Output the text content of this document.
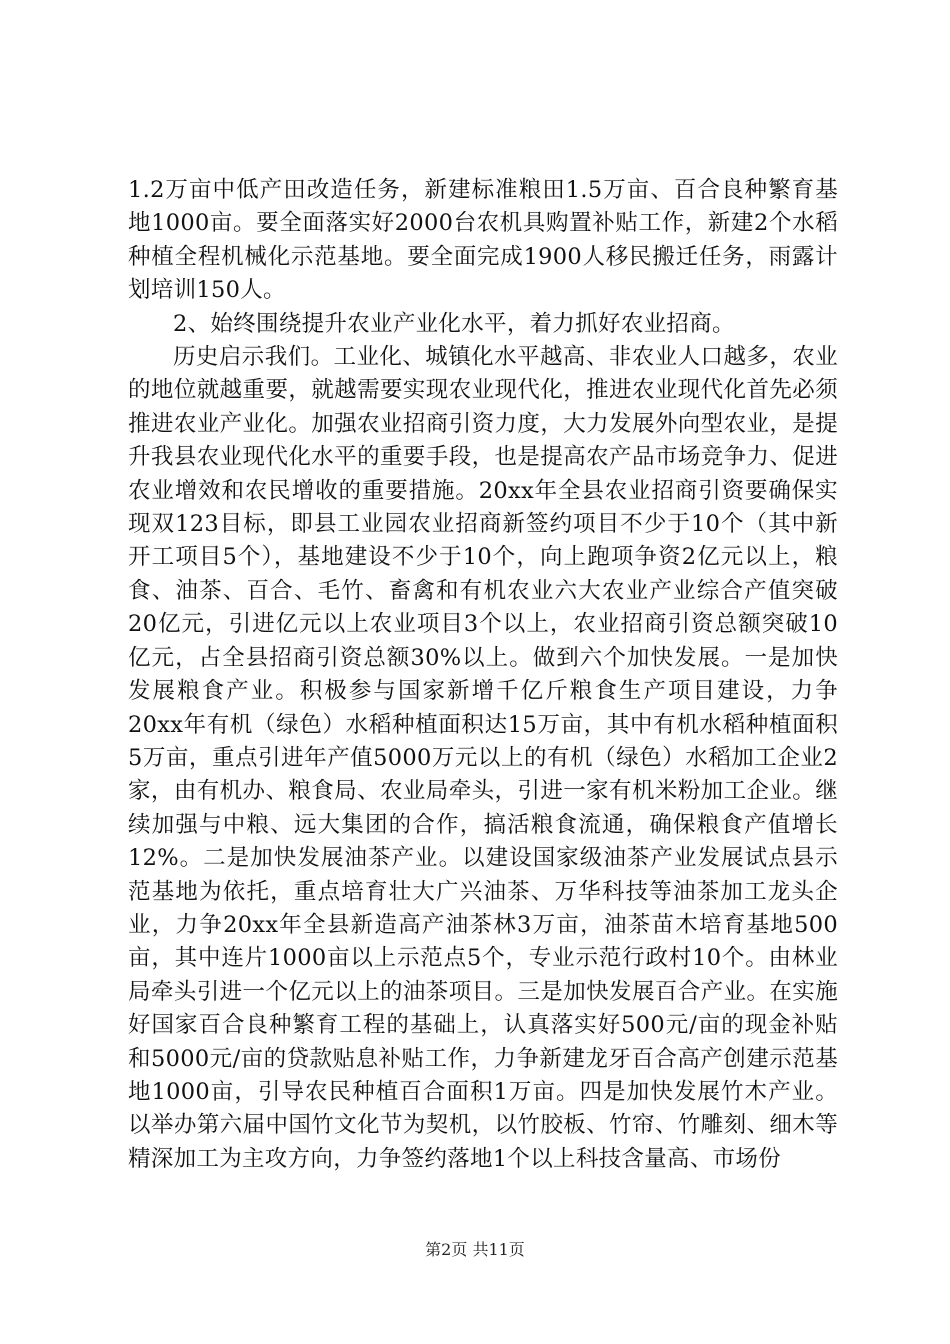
1.2万亩中低产田改造任务，新建标准粮田1.5万亩、百合良种繁育基地1000亩。要全面落实好2000台农机具购置补贴工作，新建2个水稻种植全程机械化示范基地。要全面完成1900人移民搬迁任务，雨露计划培训150人。

2、始终围绕提升农业产业化水平，着力抓好农业招商。

历史启示我们。工业化、城镇化水平越高、非农业人口越多，农业的地位就越重要，就越需要实现农业现代化，推进农业现代化首先必须推进农业产业化。加强农业招商引资力度，大力发展外向型农业，是提升我县农业现代化水平的重要手段，也是提高农产品市场竞争力、促进农业增效和农民增收的重要措施。20xx年全县农业招商引资要确保实现双123目标，即县工业园农业招商新签约项目不少于10个（其中新开工项目5个），基地建设不少于10个，向上跑项争资2亿元以上，粮食、油茶、百合、毛竹、畜禽和有机农业六大农业产业综合产值突破20亿元，引进亿元以上农业项目3个以上，农业招商引资总额突破10亿元，占全县招商引资总额30%以上。做到六个加快发展。一是加快发展粮食产业。积极参与国家新增千亿斤粮食生产项目建设，力争20xx年有机（绿色）水稻种植面积达15万亩，其中有机水稻种植面积5万亩，重点引进年产值5000万元以上的有机（绿色）水稻加工企业2家，由有机办、粮食局、农业局牵头，引进一家有机米粉加工企业。继续加强与中粮、远大集团的合作，搞活粮食流通，确保粮食产值增长12%。二是加快发展油茶产业。以建设国家级油茶产业发展试点县示范基地为依托，重点培育壮大广兴油茶、万华科技等油茶加工龙头企业，力争20xx年全县新造高产油茶林3万亩，油茶苗木培育基地500亩，其中连片1000亩以上示范点5个，专业示范行政村10个。由林业局牵头引进一个亿元以上的油茶项目。三是加快发展百合产业。在实施好国家百合良种繁育工程的基础上，认真落实好500元/亩的现金补贴和5000元/亩的贷款贴息补贴工作，力争新建龙牙百合高产创建示范基地1000亩，引导农民种植百合面积1万亩。四是加快发展竹木产业。以举办第六届中国竹文化节为契机，以竹胶板、竹帘、竹雕刻、细木等精深加工为主攻方向，力争签约落地1个以上科技含量高、市场份

第2页 共11页
